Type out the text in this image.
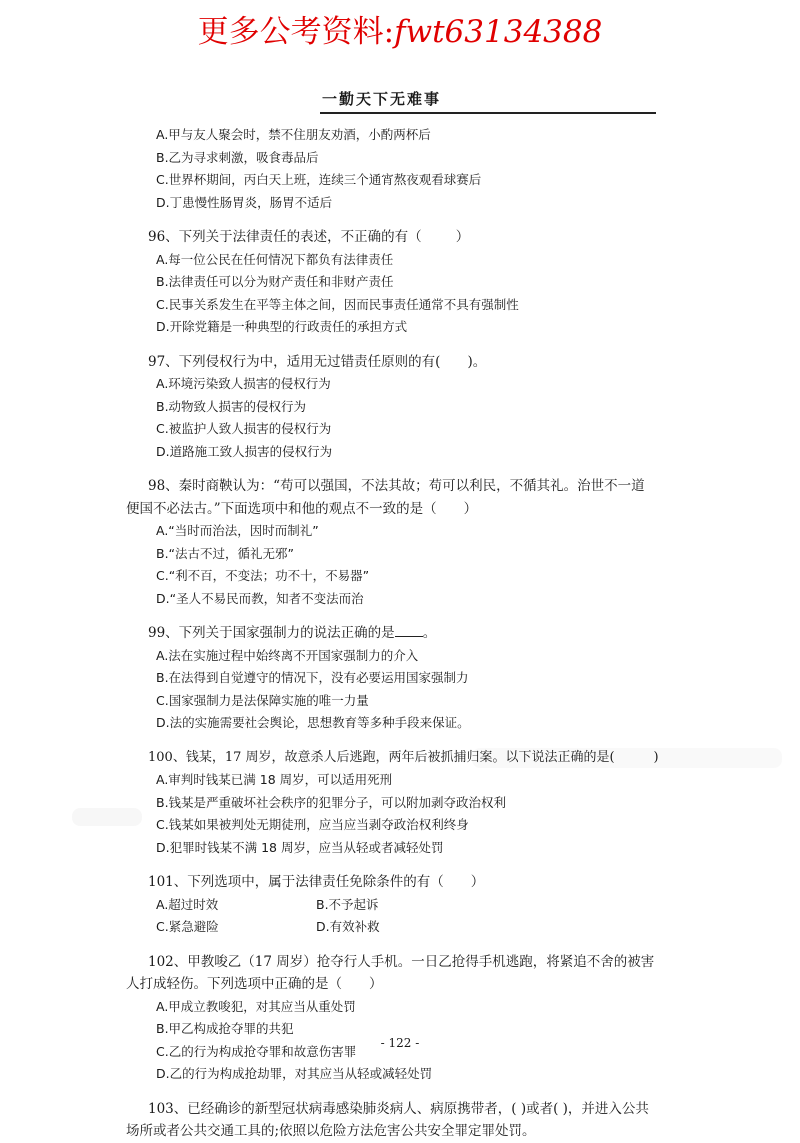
更多公考资料:fwt63134388
一勤天下无难事
A.甲与友人聚会时，禁不住朋友劝酒，小酌两杯后
B.乙为寻求刺激，吸食毒品后
C.世界杯期间，丙白天上班，连续三个通宵熬夜观看球赛后
D.丁患慢性肠胃炎，肠胃不适后
96、下列关于法律责任的表述，不正确的有（	）
A.每一位公民在任何情况下都负有法律责任
B.法律责任可以分为财产责任和非财产责任
C.民事关系发生在平等主体之间，因而民事责任通常不具有强制性
D.开除党籍是一种典型的行政责任的承担方式
97、下列侵权行为中，适用无过错责任原则的有(　　)。
A.环境污染致人损害的侵权行为
B.动物致人损害的侵权行为
C.被监护人致人损害的侵权行为
D.道路施工致人损害的侵权行为
98、秦时商鞅认为：“苟可以强国，不法其故；苟可以利民，不循其礼。治世不一道便国不必法古。”下面选项中和他的观点不一致的是（　　）
A.“当时而治法，因时而制礼”
B.“法古不过，循礼无邪”
C.“利不百，不变法；功不十，不易器”
D.“圣人不易民而教，知者不变法而治
99、下列关于国家强制力的说法正确的是 。
A.法在实施过程中始终离不开国家强制力的介入
B.在法得到自觉遵守的情况下，没有必要运用国家强制力
C.国家强制力是法保障实施的唯一力量
D.法的实施需要社会舆论，思想教育等多种手段来保证。
100、钱某，17 周岁，故意杀人后逃跑，两年后被抓捕归案。以下说法正确的是(　　　)
A.审判时钱某已满 18 周岁，可以适用死刑
B.钱某是严重破坏社会秩序的犯罪分子，可以附加剥夺政治权利
C.钱某如果被判处无期徒刑，应当应当剥夺政治权利终身
D.犯罪时钱某不满 18 周岁，应当从轻或者减轻处罚
101、下列选项中，属于法律责任免除条件的有（　　）
A.超过时效	B.不予起诉
C.紧急避险	D.有效补救
102、甲教唆乙（17 周岁）抢夺行人手机。一日乙抢得手机逃跑，将紧追不舍的被害人打成轻伤。下列选项中正确的是（　　）
A.甲成立教唆犯，对其应当从重处罚
B.甲乙构成抢夺罪的共犯
C.乙的行为构成抢夺罪和故意伤害罪
D.乙的行为构成抢劫罪，对其应当从轻或减轻处罚
103、已经确诊的新型冠状病毒感染肺炎病人、病原携带者，( )或者( )，并进入公共场所或者公共交通工具的;依照以危险方法危害公共安全罪定罪处罚。
- 122 -
